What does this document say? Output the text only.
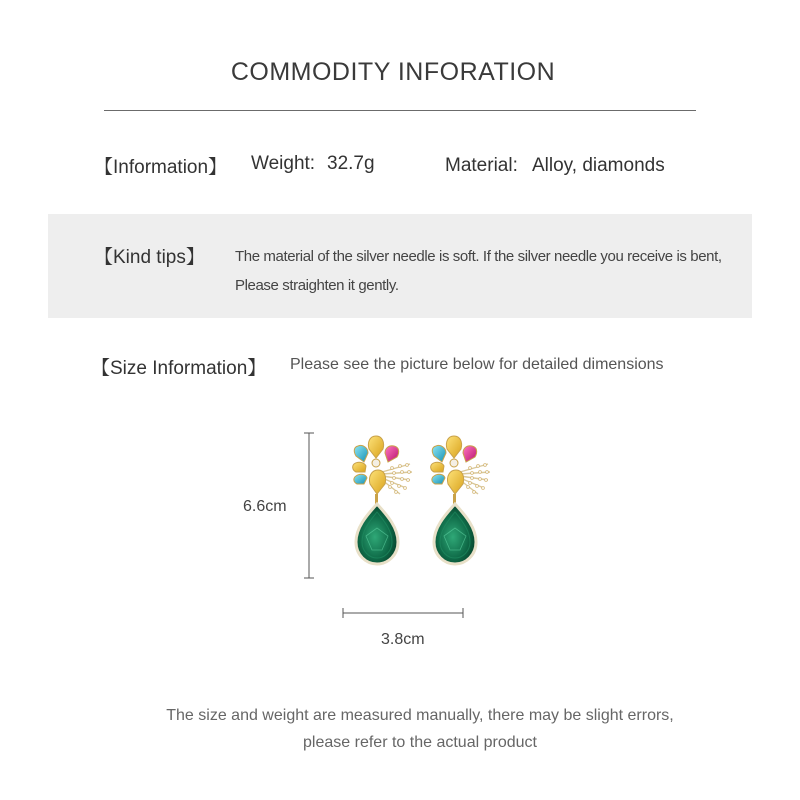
COMMODITY INFORATION
【Information】 Weight: 32.7g	Material: Alloy, diamonds
【Kind tips】 The material of the silver needle is soft. If the silver needle you receive is bent,
Please straighten it gently.
【Size Information】 Please see the picture below for detailed dimensions
6.6cm
3.8cm
The size and weight are measured manually, there may be slight errors,
please refer to the actual product
